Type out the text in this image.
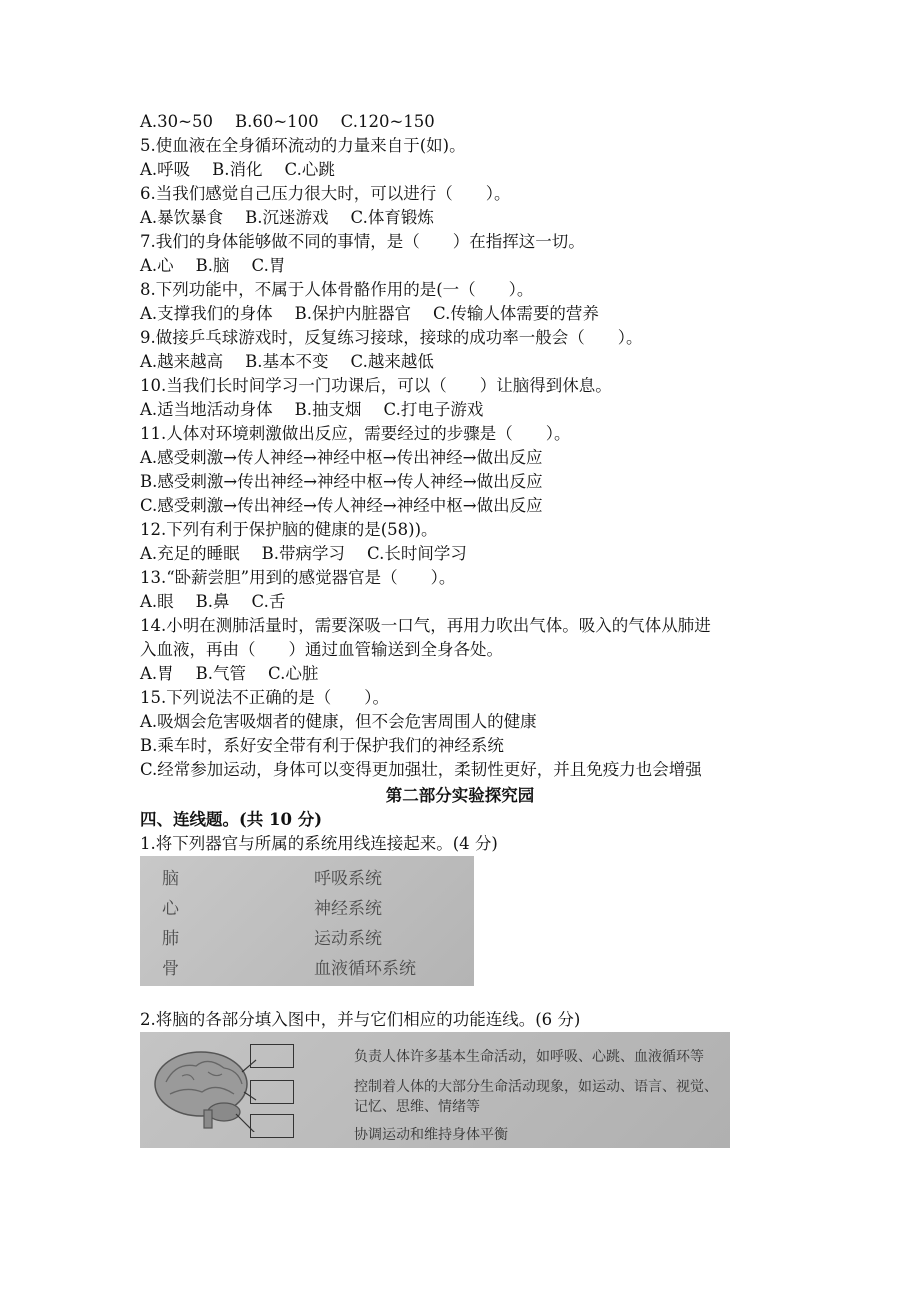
A.30~50 B.60~100 C.120~150
5.使血液在全身循环流动的力量来自于(如)。
A.呼吸 B.消化 C.心跳
6.当我们感觉自己压力很大时，可以进行（　　）。
A.暴饮暴食 B.沉迷游戏 C.体育锻炼
7.我们的身体能够做不同的事情，是（　　）在指挥这一切。
A.心 B.脑 C.胃
8.下列功能中，不属于人体骨骼作用的是(一（　　）。
A.支撑我们的身体 B.保护内脏器官 C.传输人体需要的营养
9.做接乒乓球游戏时，反复练习接球，接球的成功率一般会（　　）。
A.越来越高 B.基本不变 C.越来越低
10.当我们长时间学习一门功课后，可以（　　）让脑得到休息。
A.适当地活动身体 B.抽支烟 C.打电子游戏
11.人体对环境刺激做出反应，需要经过的步骤是（　　）。
A.感受刺激→传人神经→神经中枢→传出神经→做出反应
B.感受刺激→传出神经→神经中枢→传人神经→做出反应
C.感受刺激→传出神经→传人神经→神经中枢→做出反应
12.下列有利于保护脑的健康的是(58))。
A.充足的睡眠 B.带病学习 C.长时间学习
13.“卧薪尝胆”用到的感觉器官是（　　）。
A.眼 B.鼻 C.舌
14.小明在测肺活量时，需要深吸一口气，再用力吹出气体。吸入的气体从肺进
入血液，再由（　　）通过血管输送到全身各处。
A.胃 B.气管 C.心脏
15.下列说法不正确的是（　　）。
A.吸烟会危害吸烟者的健康，但不会危害周围人的健康
B.乘车时，系好安全带有利于保护我们的神经系统
C.经常参加运动，身体可以变得更加强壮，柔韧性更好，并且免疫力也会增强
第二部分实验探究园
四、连线题。(共 10 分)
1.将下列器官与所属的系统用线连接起来。(4 分)
脑
心
肺
骨
呼吸系统
神经系统
运动系统
血液循环系统
2.将脑的各部分填入图中，并与它们相应的功能连线。(6 分)
负责人体许多基本生命活动，如呼吸、心跳、血液循环等
控制着人体的大部分生命活动现象，如运动、语言、视觉、
记忆、思维、情绪等
协调运动和维持身体平衡
